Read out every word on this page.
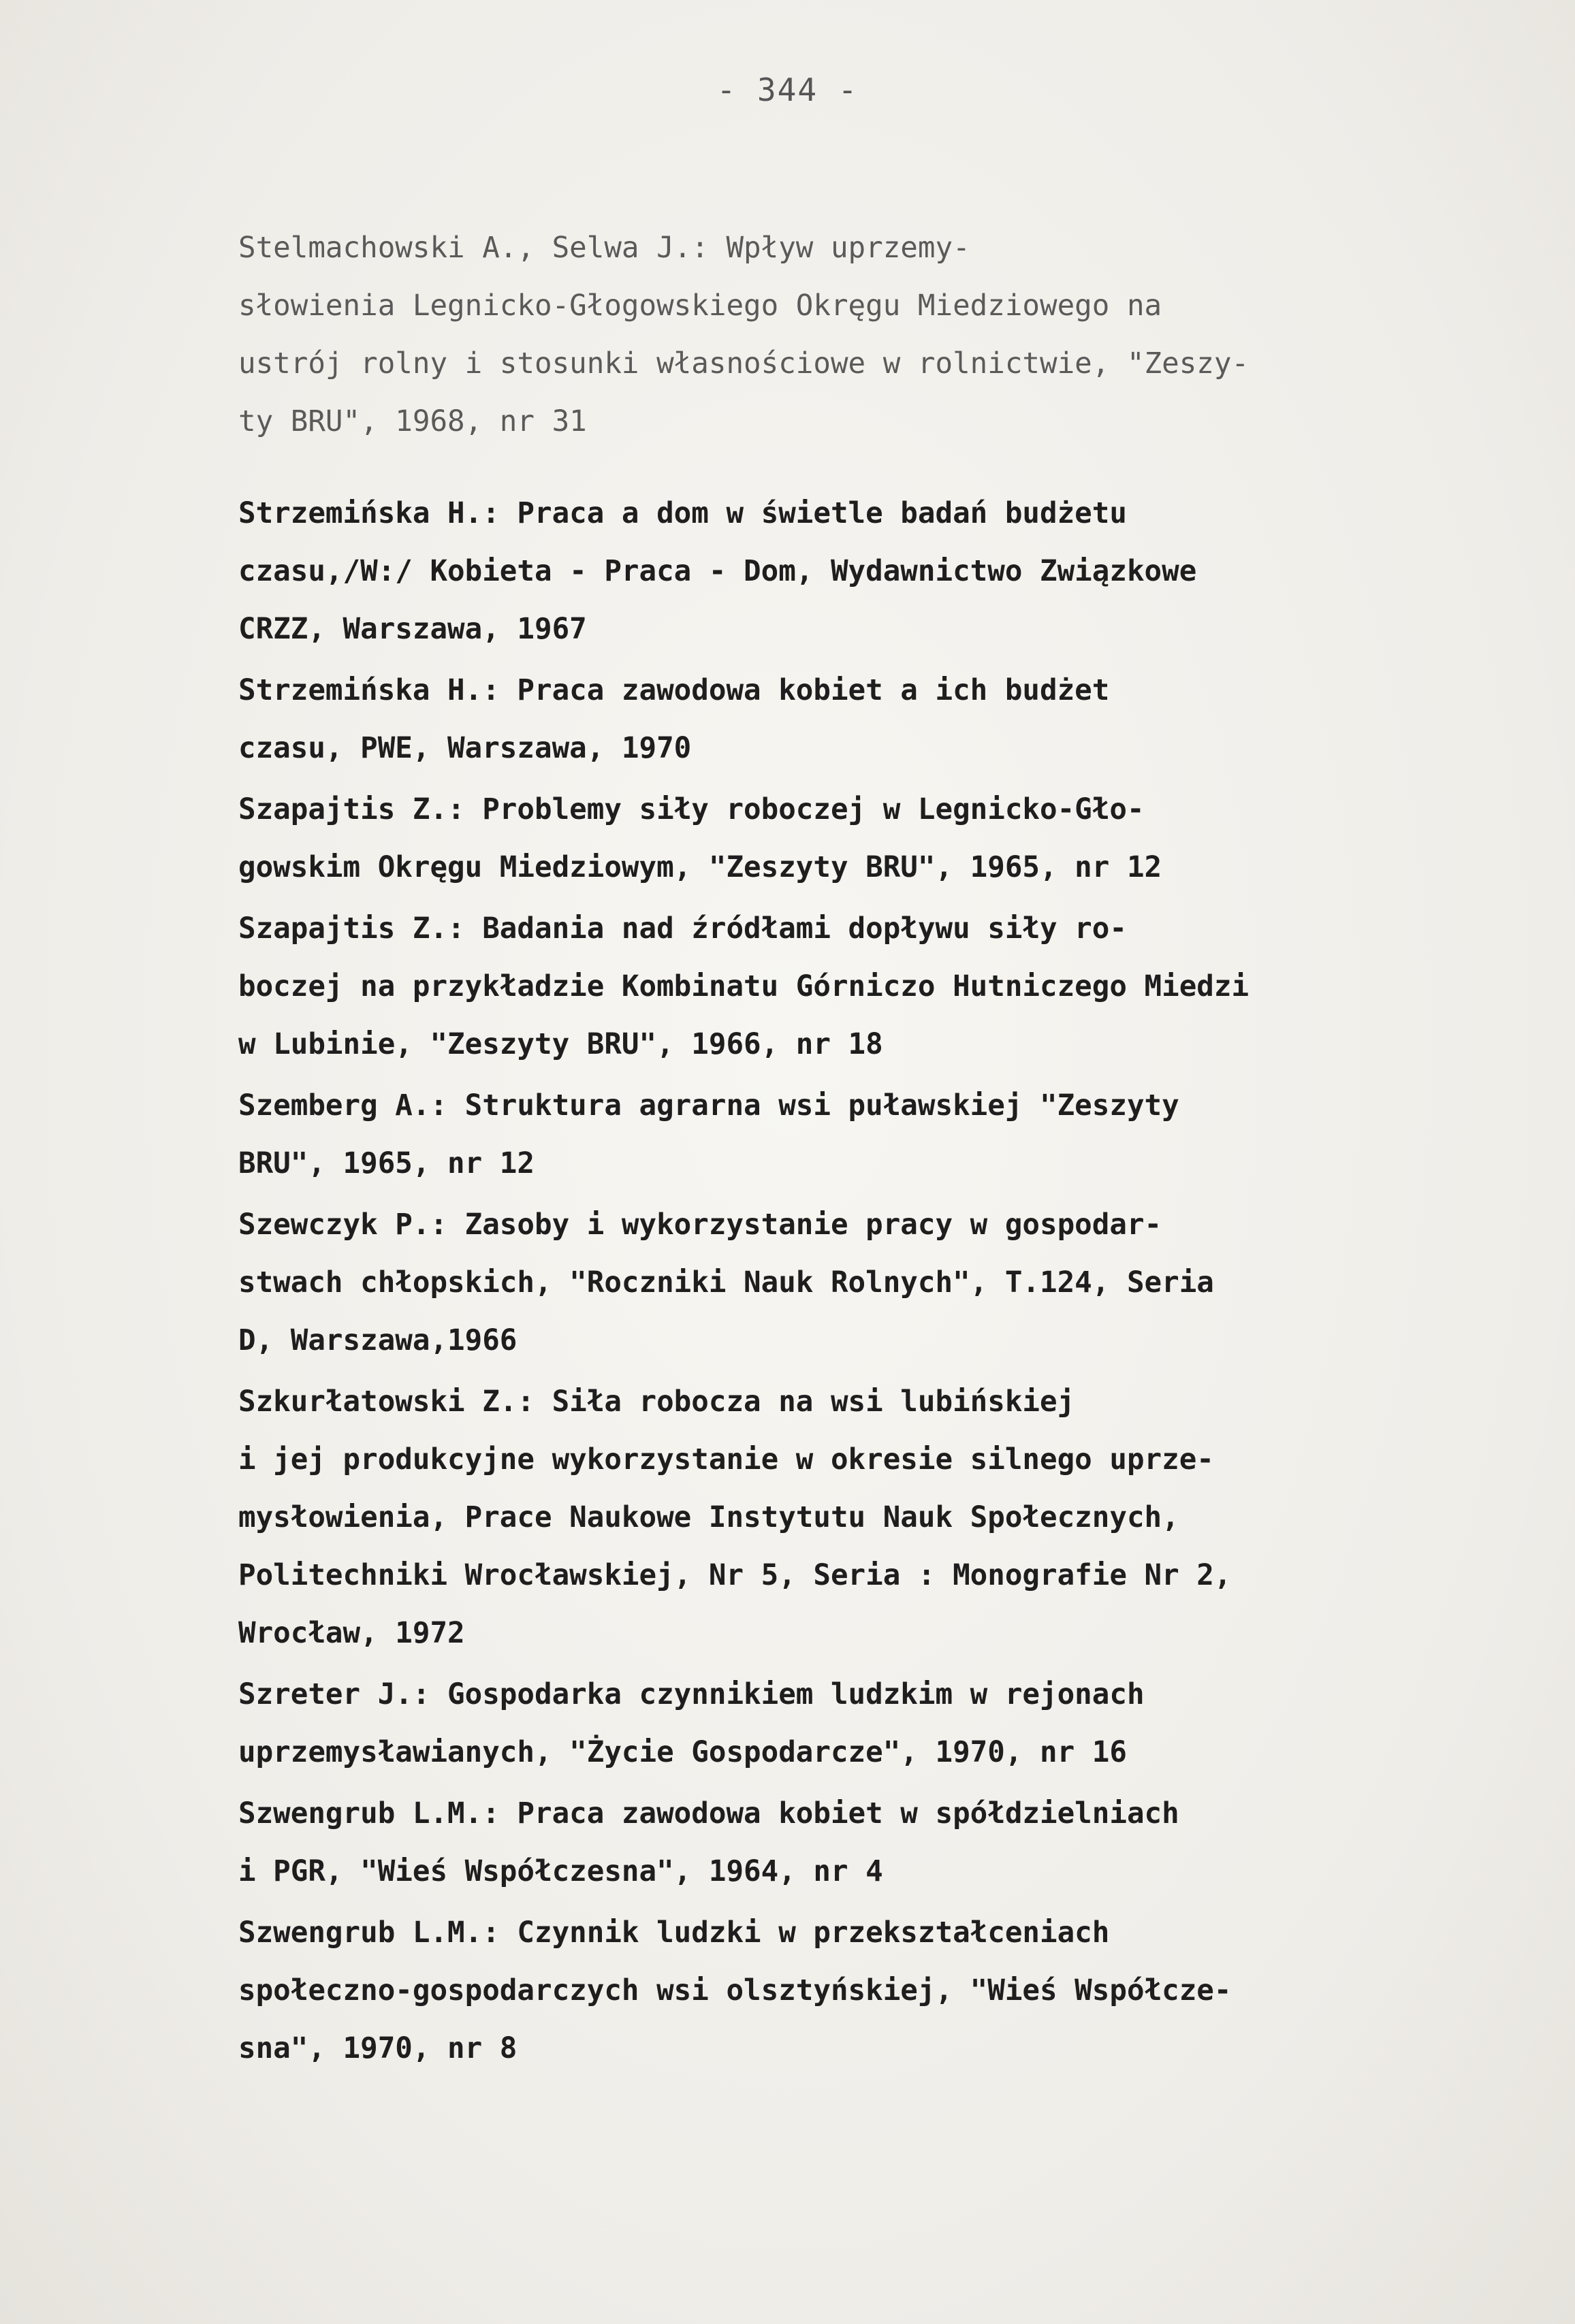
- 344 -

Stelmachowski A., Selwa J.: Wpływ uprzemy-
słowienia Legnicko-Głogowskiego Okręgu Miedziowego na
ustrój rolny i stosunki własnościowe w rolnictwie, "Zeszy-
ty BRU", 1968, nr 31

Strzemińska H.: Praca a dom w świetle badań budżetu
czasu,/W:/ Kobieta - Praca - Dom, Wydawnictwo Związkowe
CRZZ, Warszawa, 1967

Strzemińska H.: Praca zawodowa kobiet a ich budżet
czasu, PWE, Warszawa, 1970

Szapajtis Z.: Problemy siły roboczej w Legnicko-Gło-
gowskim Okręgu Miedziowym, "Zeszyty BRU", 1965, nr 12

Szapajtis Z.: Badania nad źródłami dopływu siły ro-
boczej na przykładzie Kombinatu Górniczo Hutniczego Miedzi
w Lubinie, "Zeszyty BRU", 1966, nr 18

Szemberg A.: Struktura agrarna wsi puławskiej "Zeszyty
BRU", 1965, nr 12

Szewczyk P.: Zasoby i wykorzystanie pracy w gospodar-
stwach chłopskich, "Roczniki Nauk Rolnych", T.124, Seria
D, Warszawa,1966

Szkurłatowski Z.: Siła robocza na wsi lubińskiej
i jej produkcyjne wykorzystanie w okresie silnego uprze-
mysłowienia, Prace Naukowe Instytutu Nauk Społecznych,
Politechniki Wrocławskiej, Nr 5, Seria : Monografie Nr 2,
Wrocław, 1972

Szreter J.: Gospodarka czynnikiem ludzkim w rejonach
uprzemysławianych, "Życie Gospodarcze", 1970, nr 16

Szwengrub L.M.: Praca zawodowa kobiet w spółdzielniach
i PGR, "Wieś Współczesna", 1964, nr 4

Szwengrub L.M.: Czynnik ludzki w przekształceniach
społeczno-gospodarczych wsi olsztyńskiej, "Wieś Współcze-
sna", 1970, nr 8
